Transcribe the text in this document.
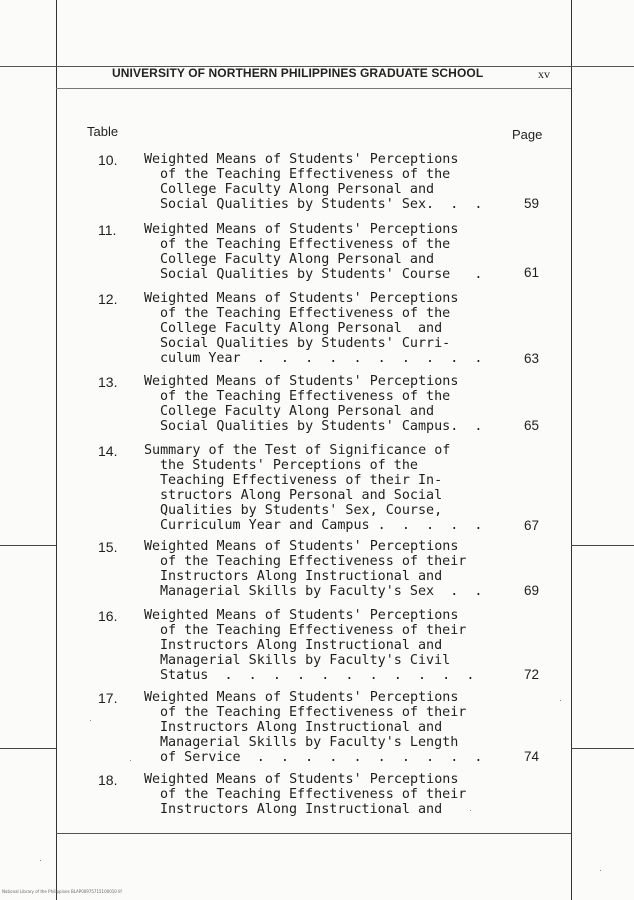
UNIVERSITY OF NORTHERN PHILIPPINES GRADUATE SCHOOL	xv
Table	Page
10. Weighted Means of Students' Perceptions
of the Teaching Effectiveness of the
College Faculty Along Personal and
Social Qualities by Students' Sex.  .  .	59
11. Weighted Means of Students' Perceptions
of the Teaching Effectiveness of the
College Faculty Along Personal and
Social Qualities by Students' Course   .	61
12. Weighted Means of Students' Perceptions
of the Teaching Effectiveness of the
College Faculty Along Personal  and
Social Qualities by Students' Curri-
culum Year  .  .  .  .  .  .  .  .  .  .	63
13. Weighted Means of Students' Perceptions
of the Teaching Effectiveness of the
College Faculty Along Personal and
Social Qualities by Students' Campus.  .	65
14. Summary of the Test of Significance of
the Students' Perceptions of the
Teaching Effectiveness of their In-
structors Along Personal and Social
Qualities by Students' Sex, Course,
Curriculum Year and Campus .  .  .  .  .	67
15. Weighted Means of Students' Perceptions
of the Teaching Effectiveness of their
Instructors Along Instructional and
Managerial Skills by Faculty's Sex  .  .	69
16. Weighted Means of Students' Perceptions
of the Teaching Effectiveness of their
Instructors Along Instructional and
Managerial Skills by Faculty's Civil
Status  .  .  .  .  .  .  .  .  .  .  .	72
17. Weighted Means of Students' Perceptions
of the Teaching Effectiveness of their
Instructors Along Instructional and
Managerial Skills by Faculty's Length
of Service  .  .  .  .  .  .  .  .  .  .	74
18. Weighted Means of Students' Perceptions
of the Teaching Effectiveness of their
Instructors Along Instructional and
National Library of the Philippines BLAP00975715100010 lif
